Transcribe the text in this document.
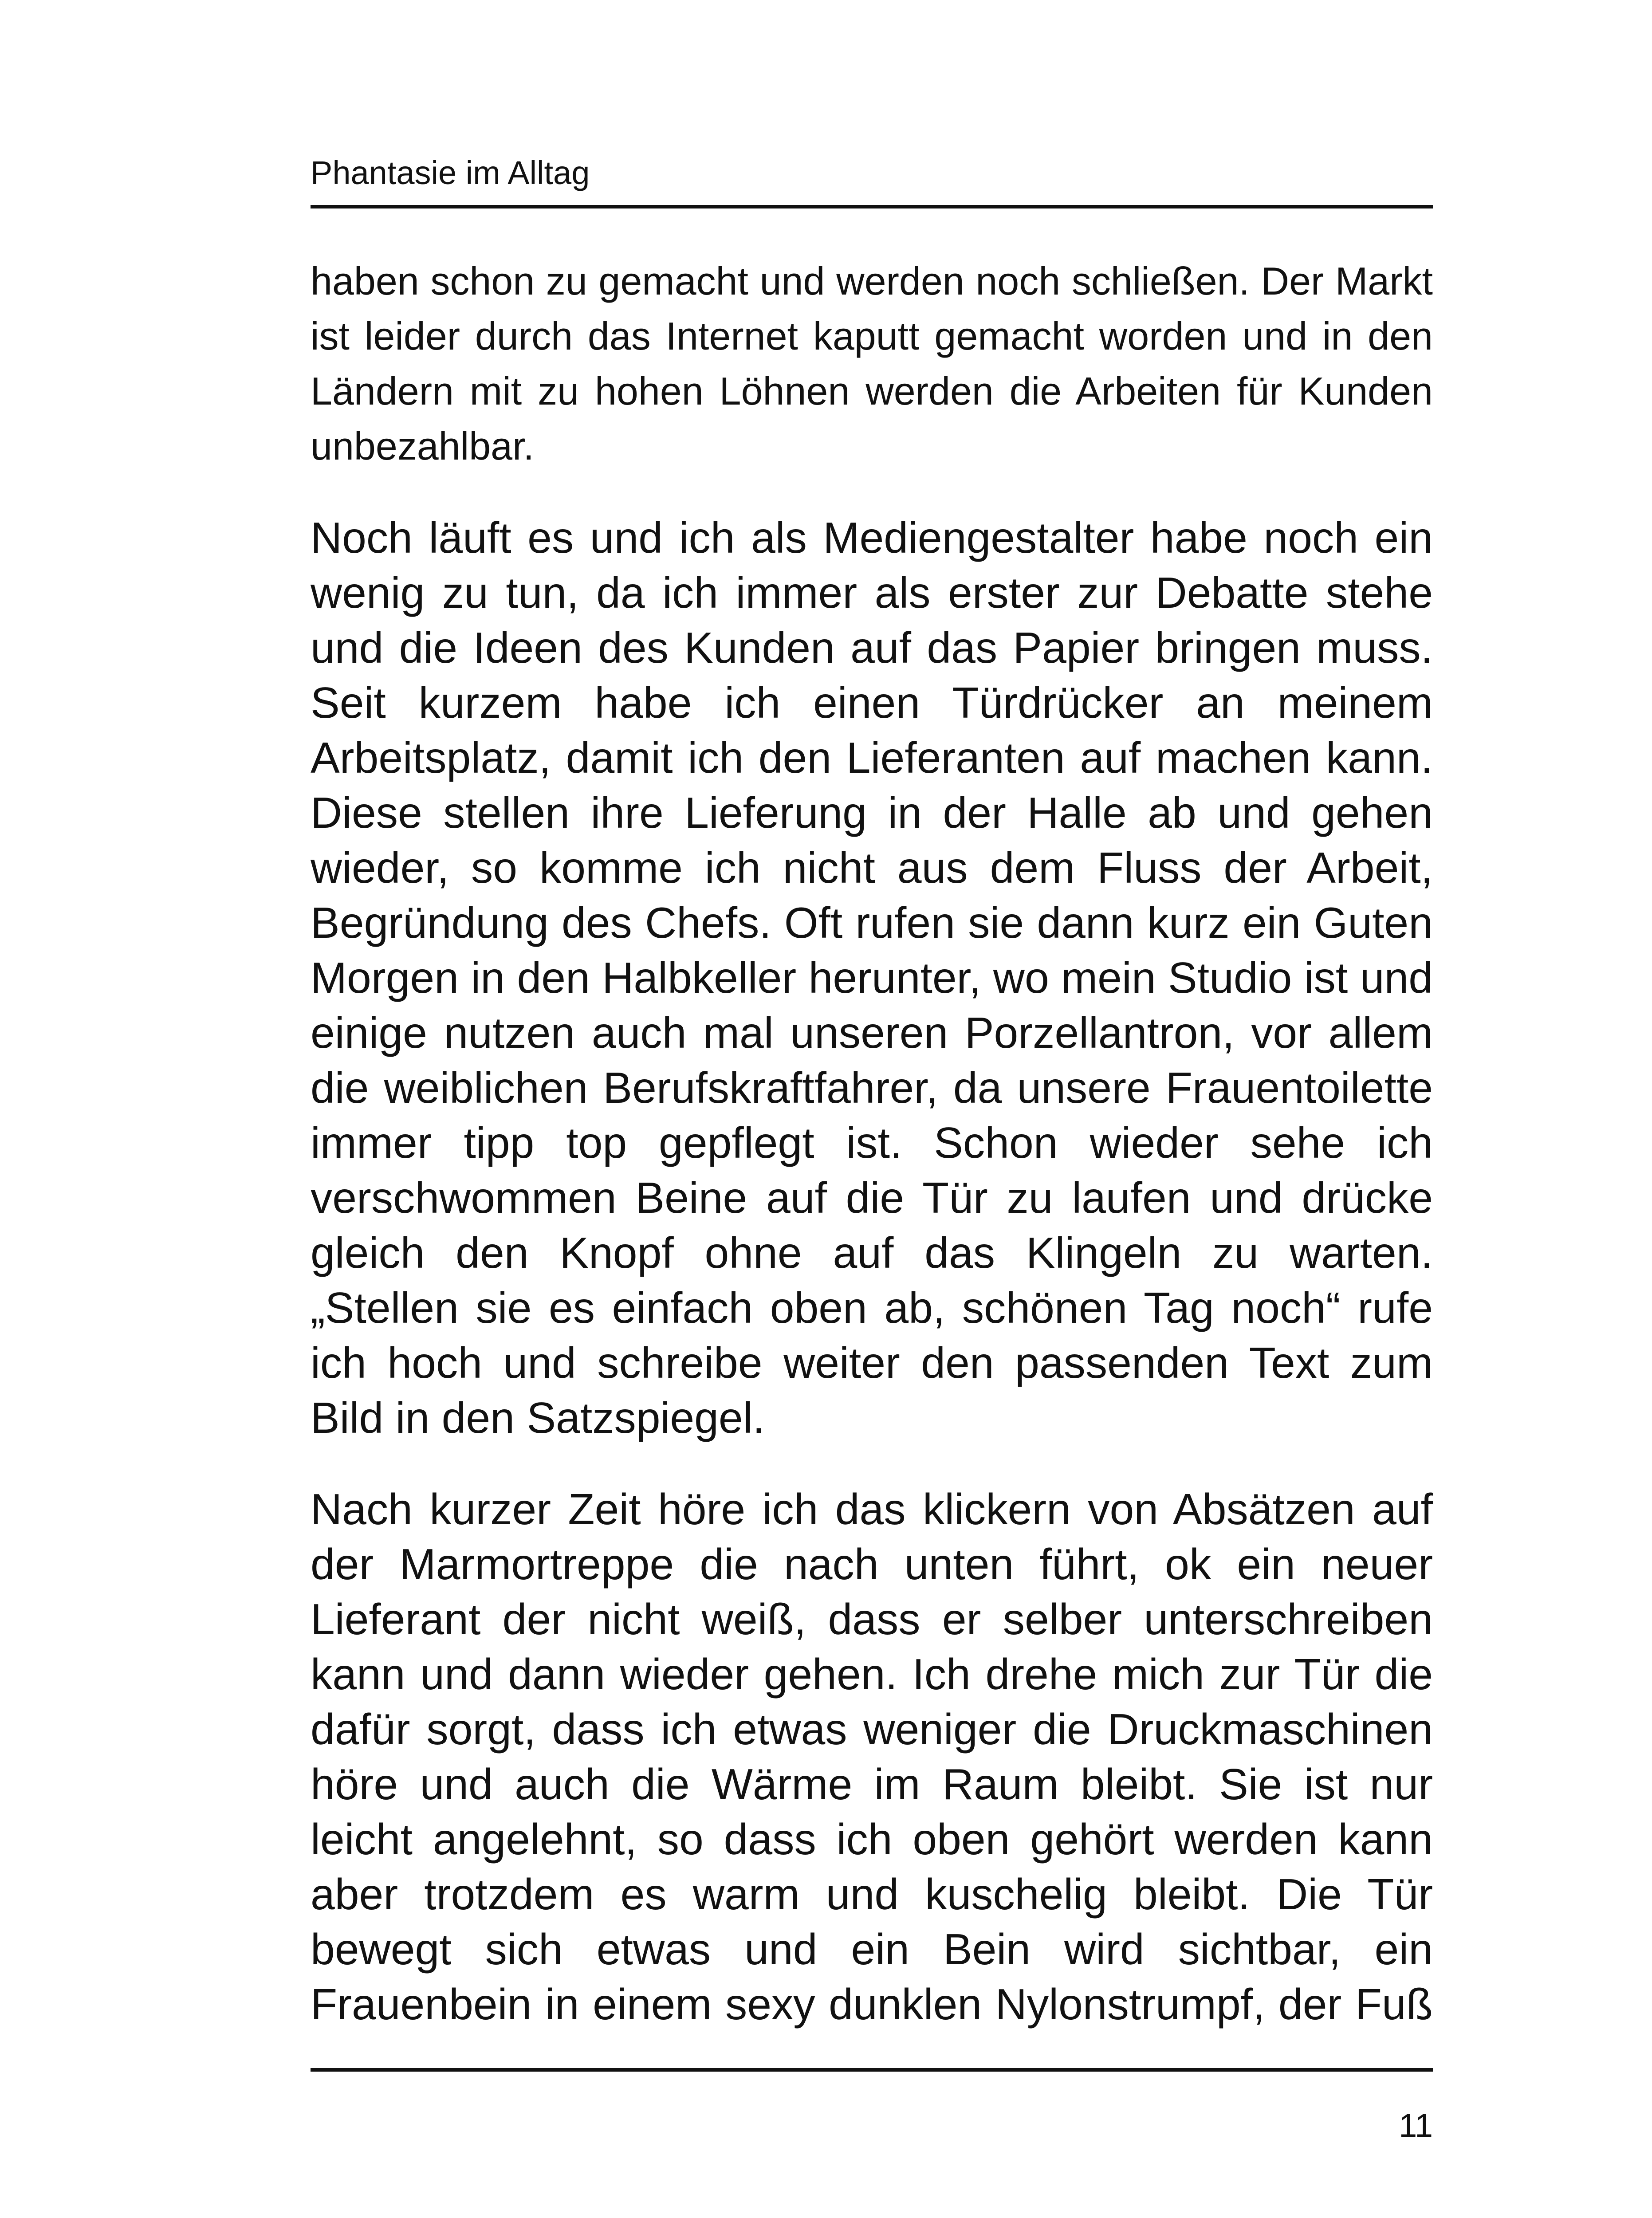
Phantasie im Alltag

haben schon zu gemacht und werden noch schließen. Der Markt ist leider durch das Internet kaputt gemacht worden und in den Ländern mit zu hohen Löhnen werden die Arbeiten für Kunden unbezahlbar.

Noch läuft es und ich als Mediengestalter habe noch ein wenig zu tun, da ich immer als erster zur Debatte stehe und die Ideen des Kunden auf das Papier bringen muss. Seit kurzem habe ich einen Türdrücker an meinem Arbeitsplatz, damit ich den Lieferanten auf machen kann. Diese stellen ihre Lieferung in der Halle ab und gehen wieder, so komme ich nicht aus dem Fluss der Arbeit, Begründung des Chefs. Oft rufen sie dann kurz ein Guten Morgen in den Halbkeller herunter, wo mein Studio ist und einige nutzen auch mal unseren Porzellantron, vor allem die weiblichen Berufskraftfahrer, da unsere Frauentoilette immer tipp top gepflegt ist. Schon wieder sehe ich verschwommen Beine auf die Tür zu laufen und drücke gleich den Knopf ohne auf das Klingeln zu warten. „Stellen sie es einfach oben ab, schönen Tag noch“ rufe ich hoch und schreibe weiter den passenden Text zum Bild in den Satzspiegel.

Nach kurzer Zeit höre ich das klickern von Absätzen auf der Marmortreppe die nach unten führt, ok ein neuer Lieferant der nicht weiß, dass er selber unterschreiben kann und dann wieder gehen. Ich drehe mich zur Tür die dafür sorgt, dass ich etwas weniger die Druckmaschinen höre und auch die Wärme im Raum bleibt. Sie ist nur leicht angelehnt, so dass ich oben gehört werden kann aber trotzdem es warm und kuschelig bleibt. Die Tür bewegt sich etwas und ein Bein wird sichtbar, ein Frauenbein in einem sexy dunklen Nylonstrumpf, der Fuß

11
